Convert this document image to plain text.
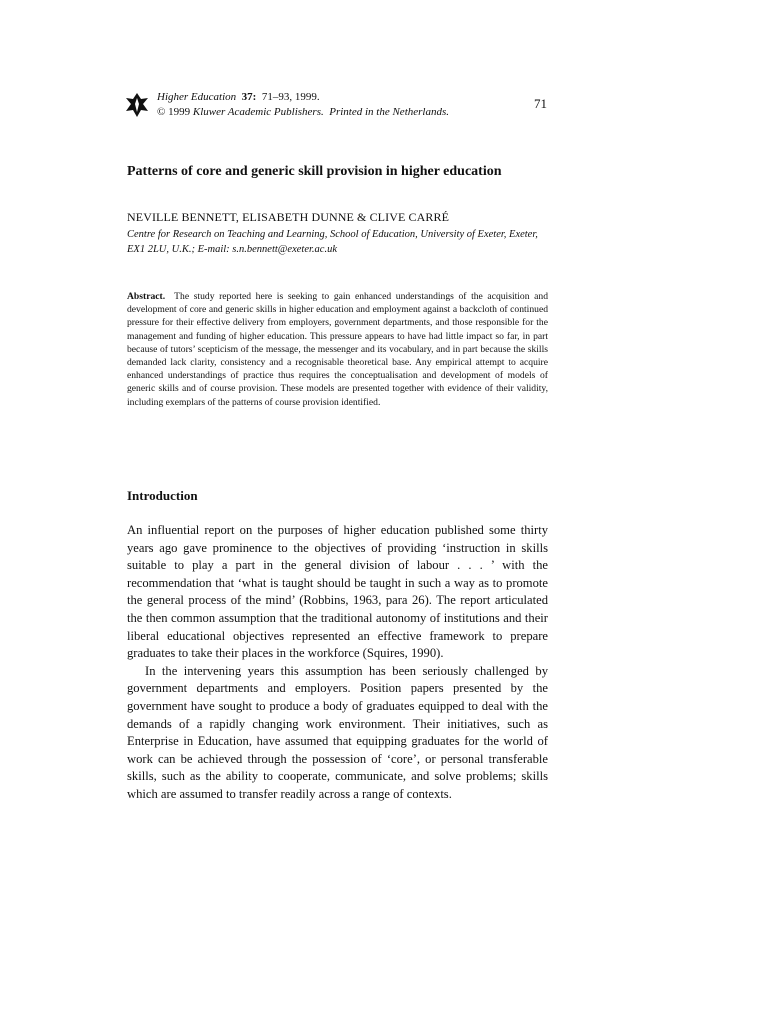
Higher Education 37: 71–93, 1999.
© 1999 Kluwer Academic Publishers. Printed in the Netherlands.
71
Patterns of core and generic skill provision in higher education
NEVILLE BENNETT, ELISABETH DUNNE & CLIVE CARRÉ
Centre for Research on Teaching and Learning, School of Education, University of Exeter, Exeter, EX1 2LU, U.K.; E-mail: s.n.bennett@exeter.ac.uk
Abstract. The study reported here is seeking to gain enhanced understandings of the acquisition and development of core and generic skills in higher education and employment against a backcloth of continued pressure for their effective delivery from employers, government departments, and those responsible for the management and funding of higher education. This pressure appears to have had little impact so far, in part because of tutors’ scepticism of the message, the messenger and its vocabulary, and in part because the skills demanded lack clarity, consistency and a recognisable theoretical base. Any empirical attempt to acquire enhanced understandings of practice thus requires the conceptualisation and development of models of generic skills and of course provision. These models are presented together with evidence of their validity, including exemplars of the patterns of course provision identified.
Introduction

An influential report on the purposes of higher education published some thirty years ago gave prominence to the objectives of providing ‘instruction in skills suitable to play a part in the general division of labour . . . ’ with the recommendation that ‘what is taught should be taught in such a way as to promote the general process of the mind’ (Robbins, 1963, para 26). The report articulated the then common assumption that the traditional autonomy of institutions and their liberal educational objectives represented an effective framework to prepare graduates to take their places in the workforce (Squires, 1990).

In the intervening years this assumption has been seriously challenged by government departments and employers. Position papers presented by the government have sought to produce a body of graduates equipped to deal with the demands of a rapidly changing work environment. Their initiatives, such as Enterprise in Education, have assumed that equipping graduates for the world of work can be achieved through the possession of ‘core’, or personal transferable skills, such as the ability to cooperate, communicate, and solve problems; skills which are assumed to transfer readily across a range of contexts.
